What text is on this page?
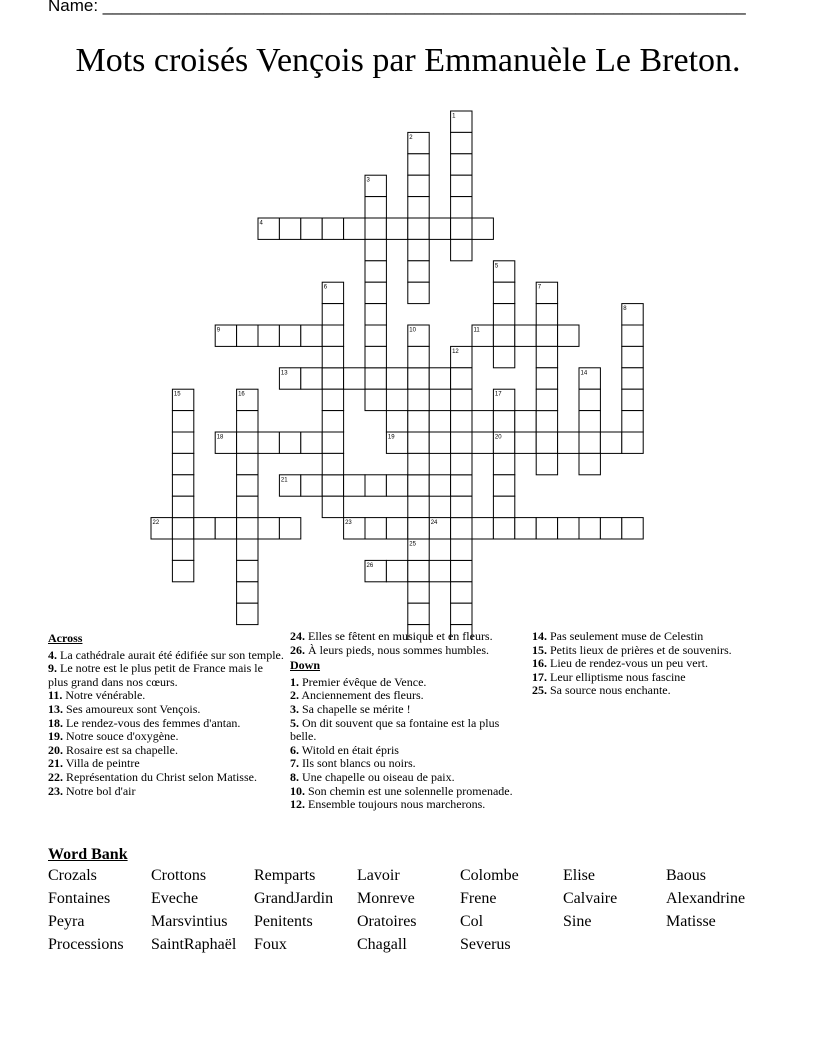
Name: ____________________________________________________________________
Mots croisés Vençois par Emmanuèle Le Breton.
1
2
3
4
5
6	7
8
9	10	11
12
13	14
15	16	17
18	19	20
21
22	23	24
25
26
Across
4. La cathédrale aurait été édifiée sur son temple.
9. Le notre est le plus petit de France mais le plus grand dans nos cœurs.
11. Notre vénérable.
13. Ses amoureux sont Vençois.
18. Le rendez-vous des femmes d'antan.
19. Notre souce d'oxygène.
20. Rosaire est sa chapelle.
21. Villa de peintre
22. Représentation du Christ selon Matisse.
23. Notre bol d'air
24. Elles se fêtent en musique et en fleurs.
26. À leurs pieds, nous sommes humbles.
Down
1. Premier évêque de Vence.
2. Anciennement des fleurs.
3. Sa chapelle se mérite !
5. On dit souvent que sa fontaine est la plus belle.
6. Witold en était épris
7. Ils sont blancs ou noirs.
8. Une chapelle ou oiseau de paix.
10. Son chemin est une solennelle promenade.
12. Ensemble toujours nous marcherons.
14. Pas seulement muse de Celestin
15. Petits lieux de prières et de souvenirs.
16. Lieu de rendez-vous un peu vert.
17. Leur elliptisme nous fascine
25. Sa source nous enchante.
Word Bank
Crozals	Crottons	Remparts	Lavoir	Colombe	Elise	Baous
Fontaines	Eveche	GrandJardin Monreve	Frene	Calvaire	Alexandrine
Peyra	Marsvintius Penitents	Oratoires	Col	Sine	Matisse
Processions SaintRaphaël Foux	Chagall	Severus
